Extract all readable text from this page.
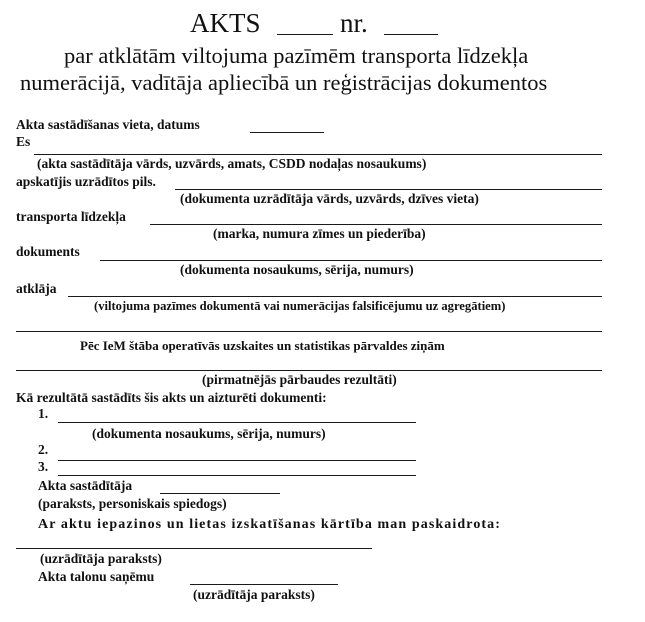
AKTS	nr.
par atklātām viltojuma pazīmēm transporta līdzekļa
numerācijā, vadītāja apliecībā un reģistrācijas dokumentos
Akta sastādīšanas vieta, datums
Es
(akta sastādītāja vārds, uzvārds, amats, CSDD nodaļas nosaukums)
apskatījis uzrādītos pils.
(dokumenta uzrādītāja vārds, uzvārds, dzīves vieta)
transporta līdzekļa
(marka, numura zīmes un piederība)
dokuments
(dokumenta nosaukums, sērija, numurs)
atklāja
(viltojuma pazīmes dokumentā vai numerācijas falsificējumu uz agregātiem)
Pēc IeM štāba operatīvās uzskaites un statistikas pārvaldes ziņām
(pirmatnējās pārbaudes rezultāti)
Kā rezultātā sastādīts šis akts un aizturēti dokumenti:
1.
(dokumenta nosaukums, sērija, numurs)
2.
3.
Akta sastādītāja
(paraksts, personiskais spiedogs)
Ar aktu iepazinos un lietas izskatīšanas kārtība man paskaidrota:
(uzrādītāja paraksts)
Akta talonu saņēmu
(uzrādītāja paraksts)
